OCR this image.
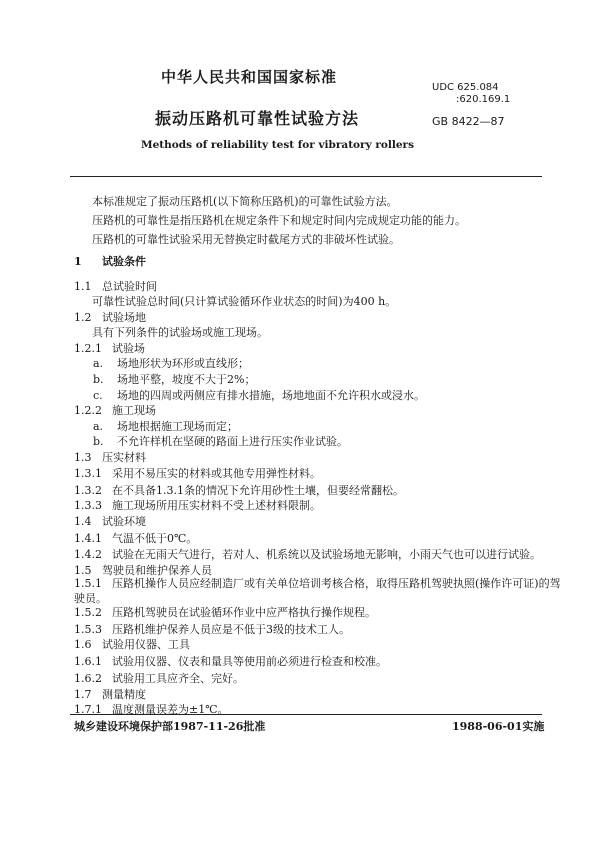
中华人民共和国国家标准
UDC 625.084
:620.169.1
振动压路机可靠性试验方法	GB 8422—87
Methods of reliability test for vibratory rollers
本标准规定了振动压路机(以下简称压路机)的可靠性试验方法。
压路机的可靠性是指压路机在规定条件下和规定时间内完成规定功能的能力。
压路机的可靠性试验采用无替换定时截尾方式的非破坏性试验。
1 试验条件
1.1 总试验时间
可靠性试验总时间(只计算试验循环作业状态的时间)为400 h。
1.2 试验场地
具有下列条件的试验场或施工现场。
1.2.1 试验场
a. 场地形状为环形或直线形；
b. 场地平整，坡度不大于2%；
c. 场地的四周或两侧应有排水措施，场地地面不允许积水或浸水。
1.2.2 施工现场
a. 场地根据施工现场而定；
b. 不允许样机在坚硬的路面上进行压实作业试验。
1.3 压实材料
1.3.1 采用不易压实的材料或其他专用弹性材料。
1.3.2 在不具备1.3.1条的情况下允许用砂性土壤，但要经常翻松。
1.3.3 施工现场所用压实材料不受上述材料限制。
1.4 试验环境
1.4.1 气温不低于0℃。
1.4.2 试验在无雨天气进行，若对人、机系统以及试验场地无影响，小雨天气也可以进行试验。
1.5 驾驶员和维护保养人员
1.5.1 压路机操作人员应经制造厂或有关单位培训考核合格，取得压路机驾驶执照(操作许可证)的驾
驶员。
1.5.2 压路机驾驶员在试验循环作业中应严格执行操作规程。
1.5.3 压路机维护保养人员应是不低于3级的技术工人。
1.6 试验用仪器、工具
1.6.1 试验用仪器、仪表和量具等使用前必须进行检查和校准。
1.6.2 试验用工具应齐全、完好。
1.7 测量精度
1.7.1 温度测量误差为±1℃。
城乡建设环境保护部1987-11-26批准	1988-06-01实施
